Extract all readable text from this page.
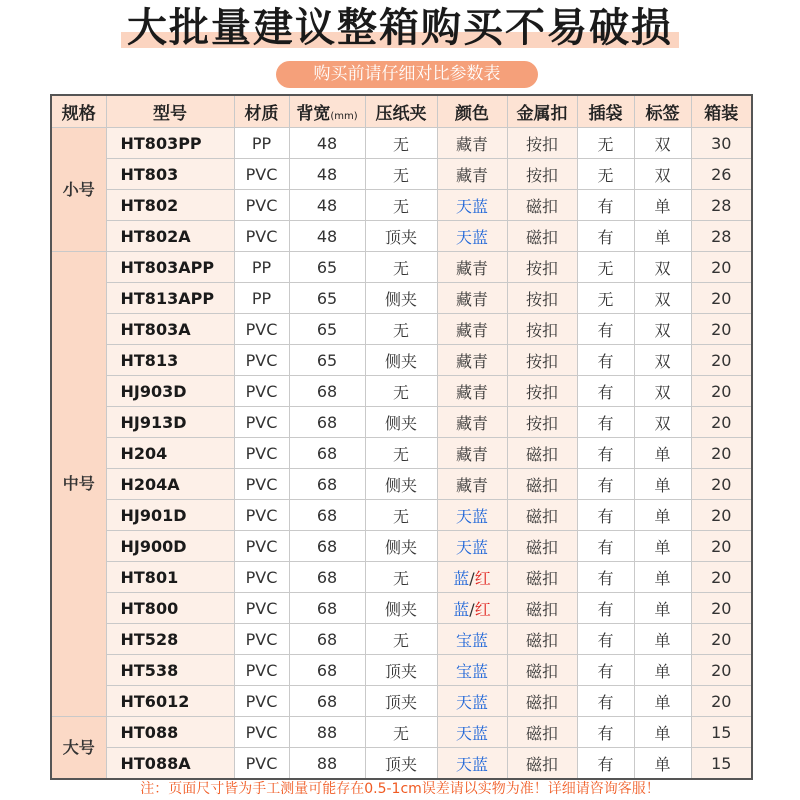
大批量建议整箱购买不易破损
购买前请仔细对比参数表
规格	型号	材质	背宽(mm)	压纸夹	颜色	金属扣	插袋	标签	箱装
小号	HT803PP	PP	48	无	藏青	按扣	无	双	30
	HT803	PVC	48	无	藏青	按扣	无	双	26
	HT802	PVC	48	无	天蓝	磁扣	有	单	28
	HT802A	PVC	48	顶夹	天蓝	磁扣	有	单	28
中号	HT803APP	PP	65	无	藏青	按扣	无	双	20
	HT813APP	PP	65	侧夹	藏青	按扣	无	双	20
	HT803A	PVC	65	无	藏青	按扣	有	双	20
	HT813	PVC	65	侧夹	藏青	按扣	有	双	20
	HJ903D	PVC	68	无	藏青	按扣	有	双	20
	HJ913D	PVC	68	侧夹	藏青	按扣	有	双	20
	H204	PVC	68	无	藏青	磁扣	有	单	20
	H204A	PVC	68	侧夹	藏青	磁扣	有	单	20
	HJ901D	PVC	68	无	天蓝	磁扣	有	单	20
	HJ900D	PVC	68	侧夹	天蓝	磁扣	有	单	20
	HT801	PVC	68	无	蓝/红	磁扣	有	单	20
	HT800	PVC	68	侧夹	蓝/红	磁扣	有	单	20
	HT528	PVC	68	无	宝蓝	磁扣	有	单	20
	HT538	PVC	68	顶夹	宝蓝	磁扣	有	单	20
	HT6012	PVC	68	顶夹	天蓝	磁扣	有	单	20
大号	HT088	PVC	88	无	天蓝	磁扣	有	单	15
	HT088A	PVC	88	顶夹	天蓝	磁扣	有	单	15
注：页面尺寸皆为手工测量可能存在0.5-1cm误差请以实物为准！详细请咨询客服！
